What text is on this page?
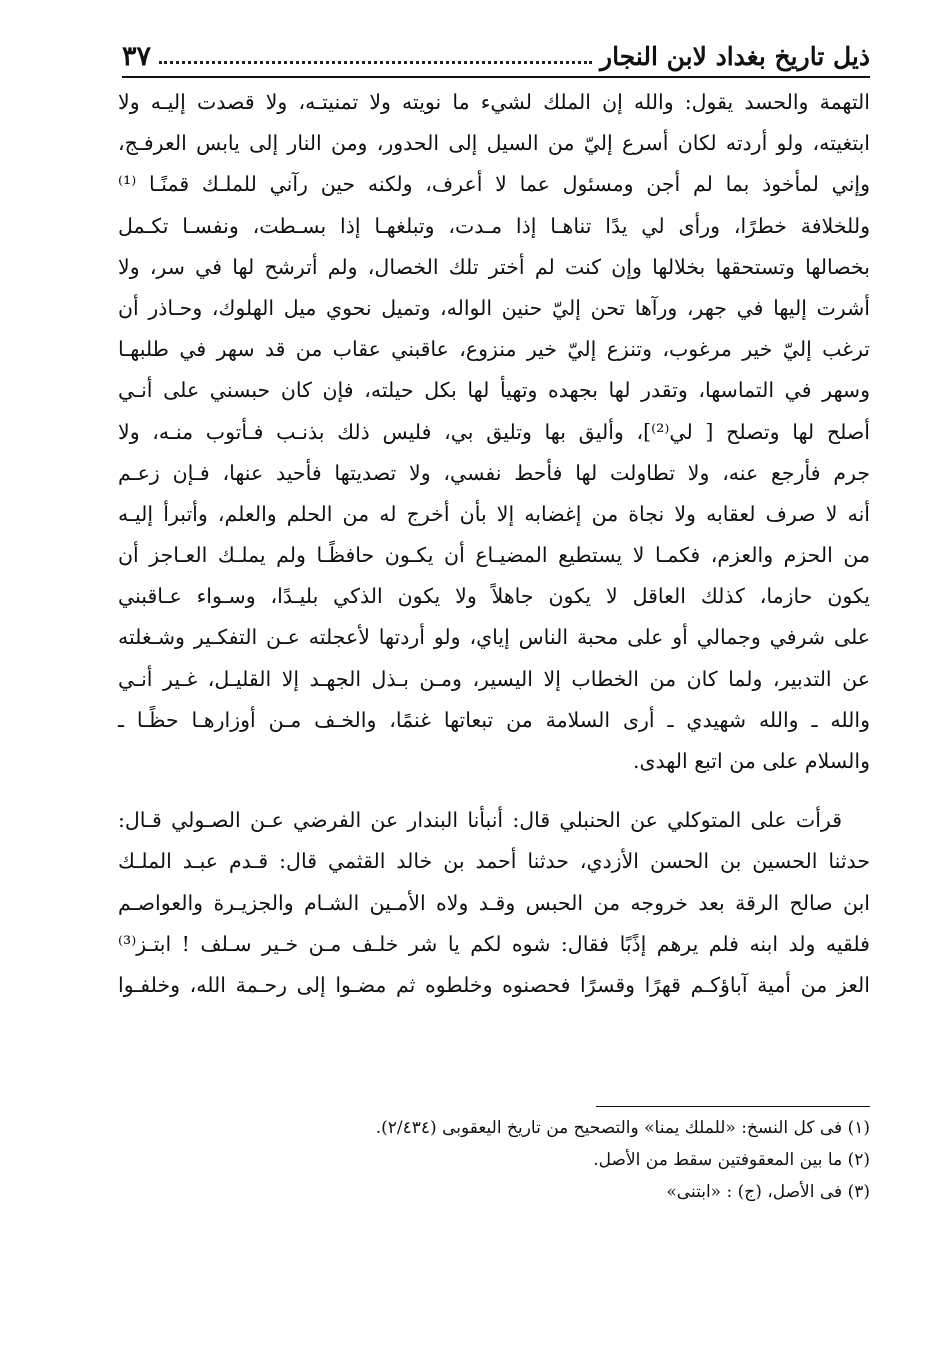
ذيل تاريخ بغداد لابن النجار
٣٧
التهمة والحسد يقول: والله إن الملك لشيء ما نويته ولا تمنيتـه، ولا قصدت إليـه ولا
ابتغيته، ولو أردته لكان أسرع إليّ من السيل إلى الحدور، ومن النار إلى يابس العرفـج،
وإني لمأخوذ بما لم أجن ومسئول عما لا أعرف، ولكنه حين رآني للملـك قمنًـا ⁽¹⁾
وللخلافة خطرًا، ورأى لي يدًا تناهـا إذا مـدت، وتبلغهـا إذا بسـطت، ونفسـا تكـمل
بخصالها وتستحقها بخلالها وإن كنت لم أختر تلك الخصال، ولم أترشح لها في سر، ولا
أشرت إليها في جهر، ورآها تحن إليّ حنين الواله، وتميل نحوي ميل الهلوك، وحـاذر أن
ترغب إليّ خير مرغوب، وتنزع إليّ خير منزوع، عاقبني عقاب من قد سهر في طلبهـا
وسهر في التماسها، وتقدر لها بجهده وتهيأ لها بكل حيلته، فإن كان حبسني على أنـي
أصلح لها وتصلح [ لي⁽²⁾]، وأليق بها وتليق بي، فليس ذلك بذنـب فـأتوب منـه، ولا
جرم فأرجع عنه، ولا تطاولت لها فأحط نفسي، ولا تصديتها فأحيد عنها، فـإن زعـم
أنه لا صرف لعقابه ولا نجاة من إغضابه إلا بأن أخرج له من الحلم والعلم، وأتبرأ إليـه
من الحزم والعزم، فكمـا لا يستطيع المضيـاع أن يكـون حافظًـا ولم يملـك العـاجز أن
يكون حازما، كذلك العاقل لا يكون جاهلاً ولا يكون الذكي بليـدًا، وسـواء عـاقبني
على شرفي وجمالي أو على محبة الناس إياي، ولو أردتها لأعجلته عـن التفكـير وشـغلته
عن التدبير، ولما كان من الخطاب إلا اليسير، ومـن بـذل الجهـد إلا القليـل، غـير أنـي
والله ـ والله شهيدي ـ أرى السلامة من تبعاتها غنمًا، والخـف مـن أوزارهـا حظًـا ـ
والسلام على من اتبع الهدى.
قرأت على المتوكلي عن الحنبلي قال: أنبأنا البندار عن الفرضي عـن الصـولي قـال:
حدثنا الحسين بن الحسن الأزدي، حدثنا أحمد بن خالد القثمي قال: قـدم عبـد الملـك
ابن صالح الرقة بعد خروجه من الحبس وقـد ولاه الأمـين الشـام والجزيـرة والعواصـم
فلقيه ولد ابنه فلم يرهم إذًبًا فقال: شوه لكم يا شر خلـف مـن خـير سـلف ! ابتـز⁽³⁾
العز من أمية آباؤكـم قهرًا وقسرًا فحصنوه وخلطوه ثم مضـوا إلى رحـمة الله، وخلفـوا
(١) فى كل النسخ: «للملك يمنا» والتصحيح من تاريخ اليعقوبى (٢/٤٣٤).
(٢) ما بين المعقوفتين سقط من الأصل.
(٣) فى الأصل، (ج) : «ابتنى»
